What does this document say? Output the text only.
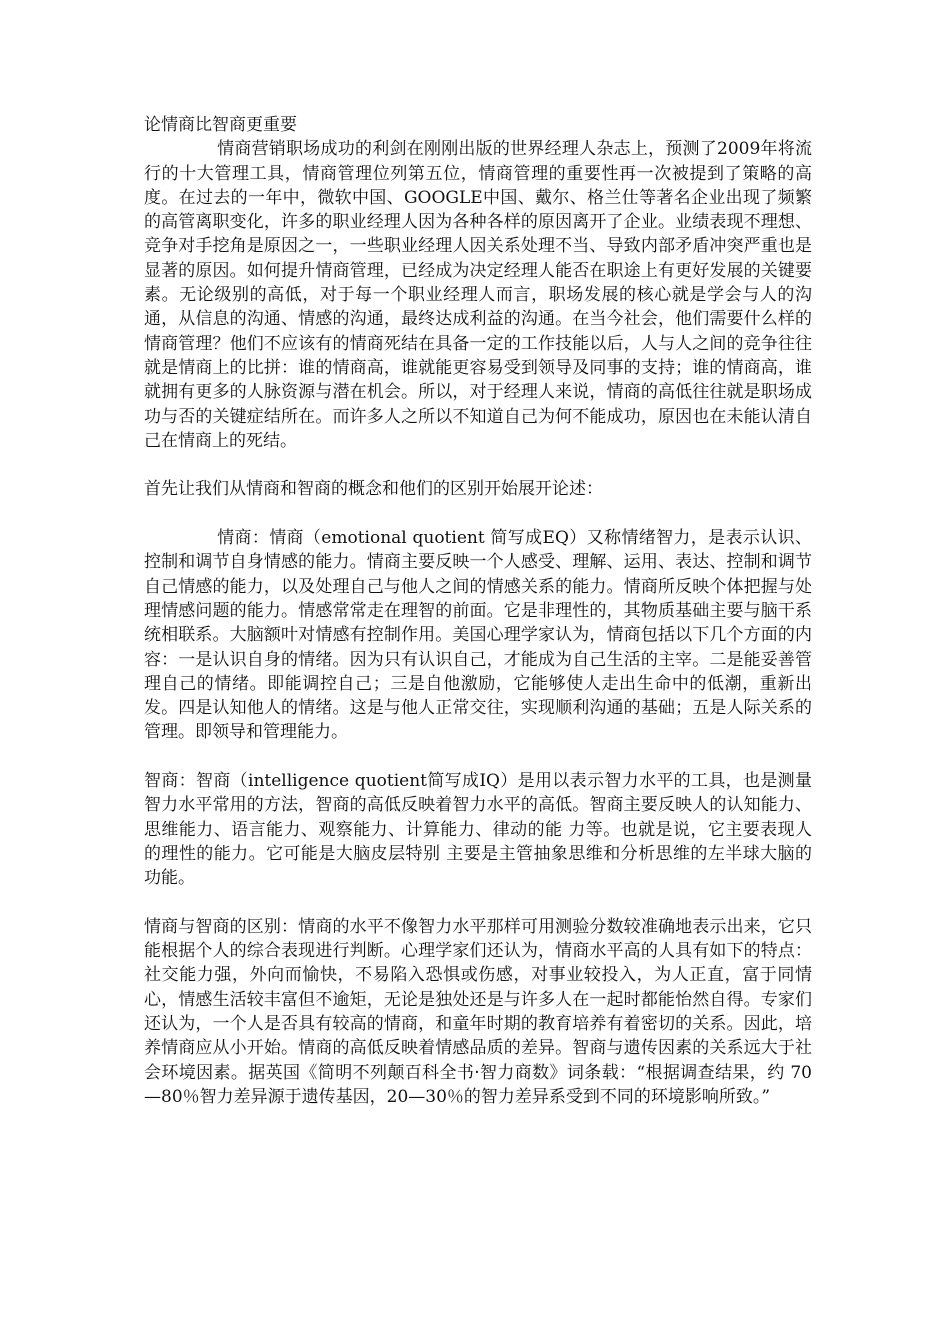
论情商比智商更重要

情商营销职场成功的利剑在刚刚出版的世界经理人杂志上，预测了2009年将流行的十大管理工具，情商管理位列第五位，情商管理的重要性再一次被提到了策略的高度。在过去的一年中，微软中国、GOOGLE中国、戴尔、格兰仕等著名企业出现了频繁的高管离职变化，许多的职业经理人因为各种各样的原因离开了企业。业绩表现不理想、竞争对手挖角是原因之一，一些职业经理人因关系处理不当、导致内部矛盾冲突严重也是显著的原因。如何提升情商管理，已经成为决定经理人能否在职途上有更好发展的关键要素。无论级别的高低，对于每一个职业经理人而言，职场发展的核心就是学会与人的沟通，从信息的沟通、情感的沟通，最终达成利益的沟通。在当今社会，他们需要什么样的情商管理？他们不应该有的情商死结在具备一定的工作技能以后，人与人之间的竞争往往就是情商上的比拼：谁的情商高，谁就能更容易受到领导及同事的支持；谁的情商高，谁就拥有更多的人脉资源与潜在机会。所以，对于经理人来说，情商的高低往往就是职场成功与否的关键症结所在。而许多人之所以不知道自己为何不能成功，原因也在未能认清自己在情商上的死结。

首先让我们从情商和智商的概念和他们的区别开始展开论述：

情商：情商（emotional quotient 简写成EQ）又称情绪智力，是表示认识、控制和调节自身情感的能力。情商主要反映一个人感受、理解、运用、表达、控制和调节自己情感的能力，以及处理自己与他人之间的情感关系的能力。情商所反映个体把握与处理情感问题的能力。情感常常走在理智的前面。它是非理性的，其物质基础主要与脑干系统相联系。大脑额叶对情感有控制作用。美国心理学家认为，情商包括以下几个方面的内容：一是认识自身的情绪。因为只有认识自己，才能成为自己生活的主宰。二是能妥善管理自己的情绪。即能调控自己；三是自他激励，它能够使人走出生命中的低潮，重新出发。四是认知他人的情绪。这是与他人正常交往，实现顺利沟通的基础；五是人际关系的管理。即领导和管理能力。

智商：智商（intelligence quotient简写成IQ）是用以表示智力水平的工具，也是测量智力水平常用的方法，智商的高低反映着智力水平的高低。智商主要反映人的认知能力、思维能力、语言能力、观察能力、计算能力、律动的能 力等。也就是说，它主要表现人的理性的能力。它可能是大脑皮层特别 主要是主管抽象思维和分析思维的左半球大脑的功能。

情商与智商的区别：情商的水平不像智力水平那样可用测验分数较准确地表示出来，它只能根据个人的综合表现进行判断。心理学家们还认为，情商水平高的人具有如下的特点：社交能力强，外向而愉快，不易陷入恐惧或伤感，对事业较投入，为人正直，富于同情心，情感生活较丰富但不逾矩，无论是独处还是与许多人在一起时都能怡然自得。专家们还认为，一个人是否具有较高的情商，和童年时期的教育培养有着密切的关系。因此，培养情商应从小开始。情商的高低反映着情感品质的差异。智商与遗传因素的关系远大于社会环境因素。据英国《简明不列颠百科全书·智力商数》词条载：“根据调查结果，约 70—80％智力差异源于遗传基因，20—30％的智力差异系受到不同的环境影响所致。”
